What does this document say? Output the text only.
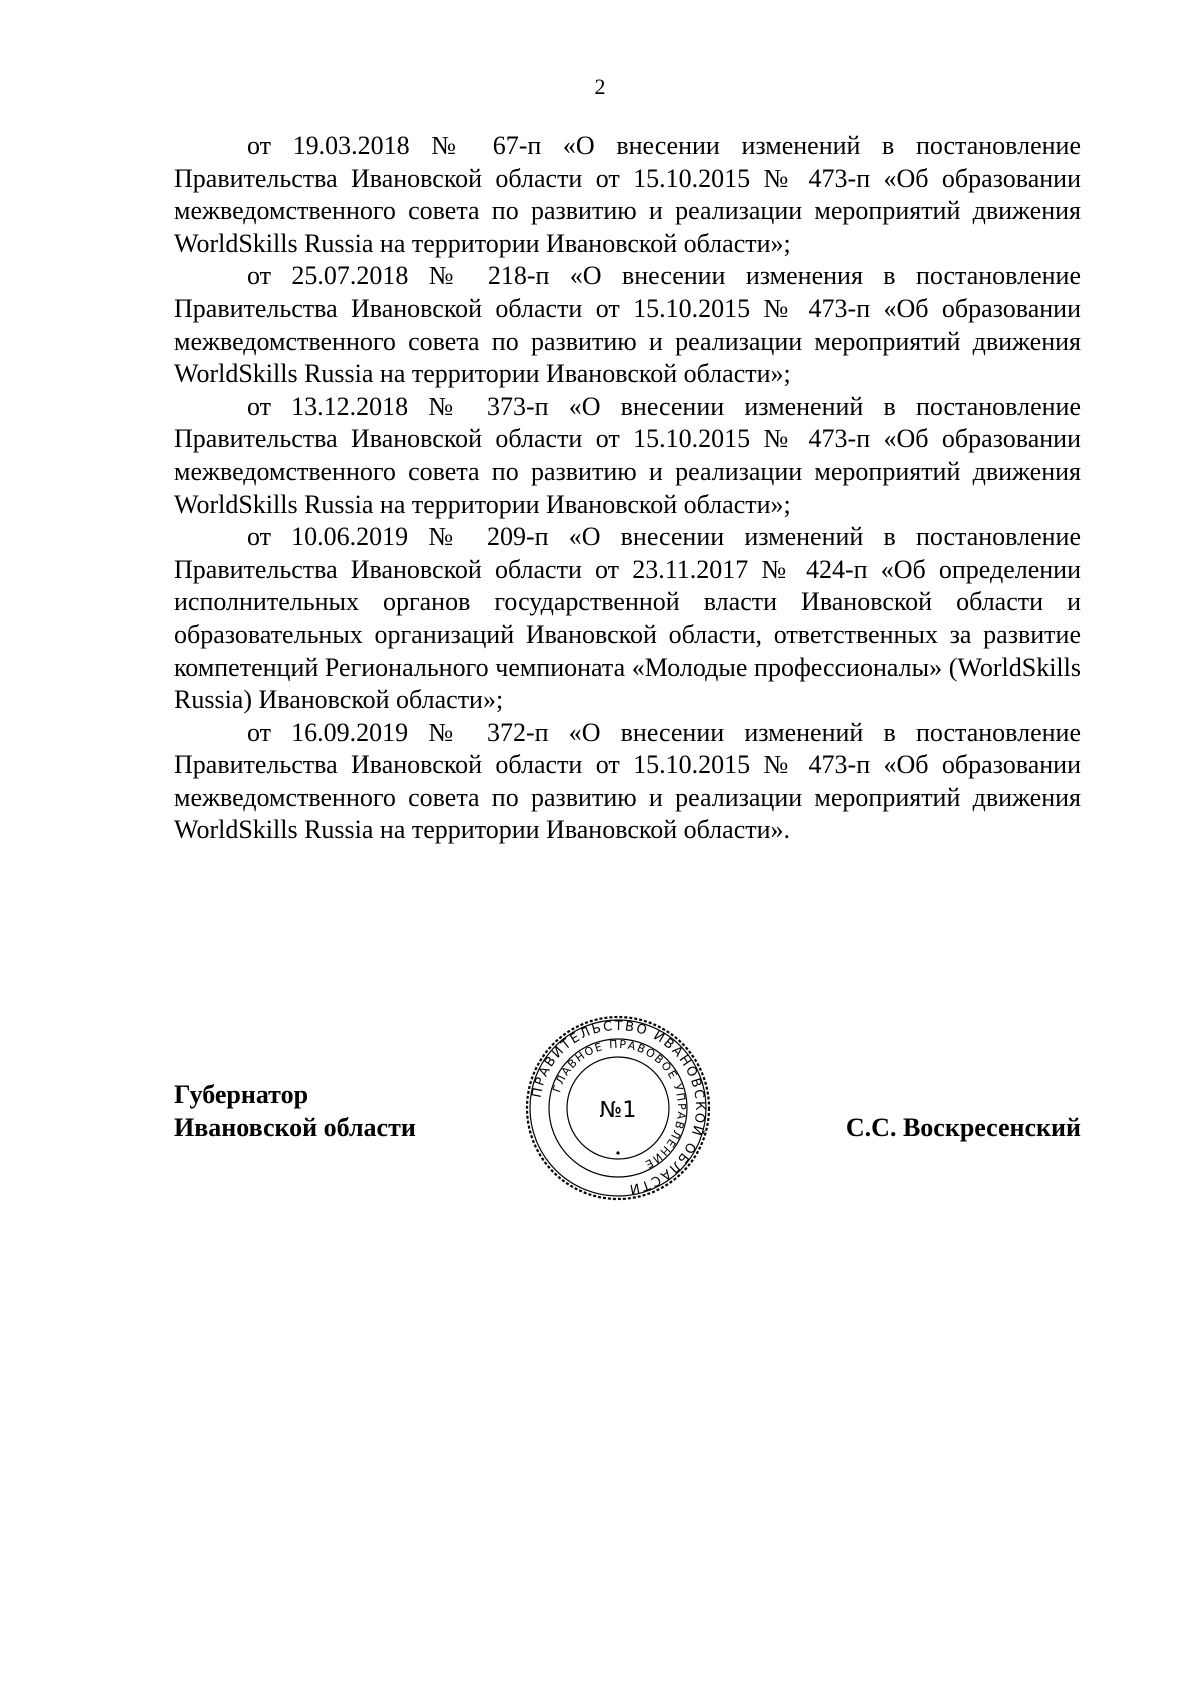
2

от 19.03.2018 № 67-п «О внесении изменений в постановление Правительства Ивановской области от 15.10.2015 № 473-п «Об образовании межведомственного совета по развитию и реализации мероприятий движения WorldSkills Russia на территории Ивановской области»;

от 25.07.2018 № 218-п «О внесении изменения в постановление Правительства Ивановской области от 15.10.2015 № 473-п «Об образовании межведомственного совета по развитию и реализации мероприятий движения WorldSkills Russia на территории Ивановской области»;

от 13.12.2018 № 373-п «О внесении изменений в постановление Правительства Ивановской области от 15.10.2015 № 473-п «Об образовании межведомственного совета по развитию и реализации мероприятий движения WorldSkills Russia на территории Ивановской области»;

от 10.06.2019 № 209-п «О внесении изменений в постановление Правительства Ивановской области от 23.11.2017 № 424-п «Об определении исполнительных органов государственной власти Ивановской области и образовательных организаций Ивановской области, ответственных за развитие компетенций Регионального чемпионата «Молодые профессионалы» (WorldSkills Russia) Ивановской области»;

от 16.09.2019 № 372-п «О внесении изменений в постановление Правительства Ивановской области от 15.10.2015 № 473-п «Об образовании межведомственного совета по развитию и реализации мероприятий движения WorldSkills Russia на территории Ивановской области».

Губернатор
Ивановской области	С.С. Воскресенский
ПРАВИТЕЛЬСТВО ИВАНОВСКОЙ ОБЛАСТИ
ГЛАВНОЕ ПРАВОВОЕ УПРАВЛЕНИЕ
№1
